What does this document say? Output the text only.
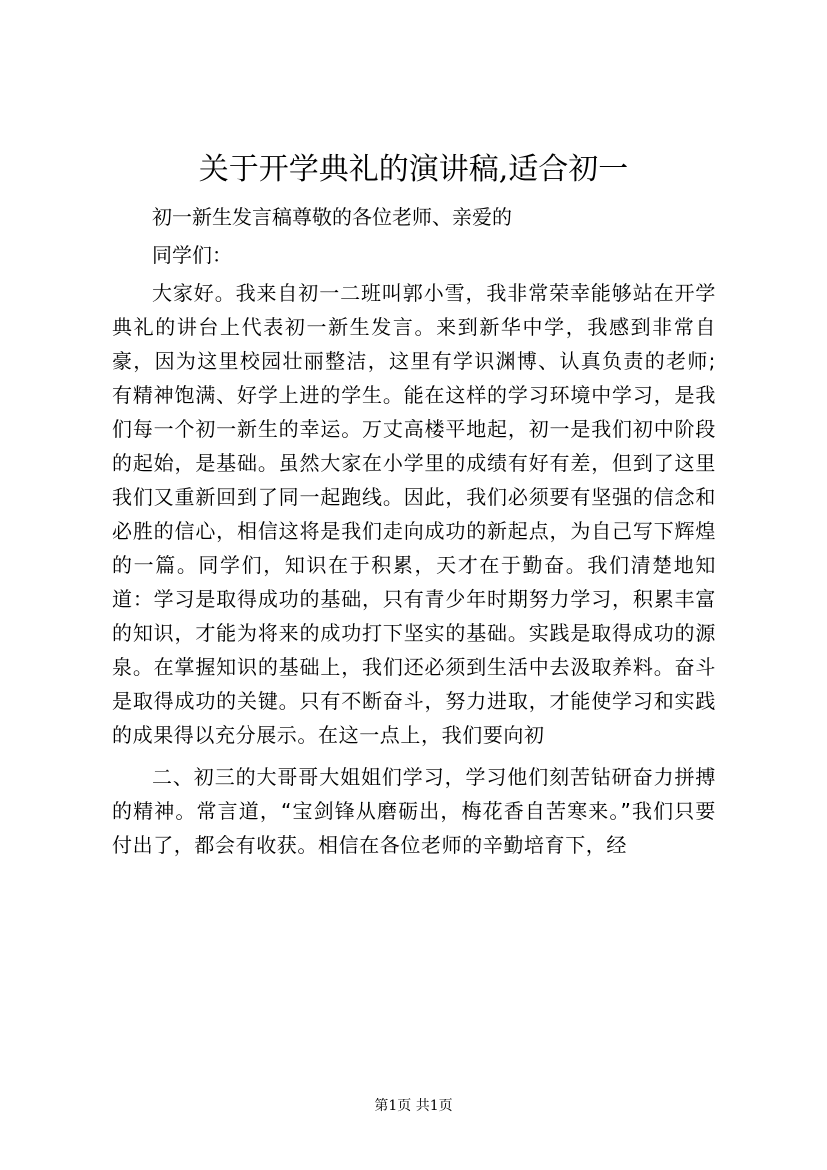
关于开学典礼的演讲稿,适合初一

初一新生发言稿尊敬的各位老师、亲爱的

同学们：

大家好。我来自初一二班叫郭小雪，我非常荣幸能够站在开学典礼的讲台上代表初一新生发言。来到新华中学，我感到非常自豪，因为这里校园壮丽整洁，这里有学识渊博、认真负责的老师;有精神饱满、好学上进的学生。能在这样的学习环境中学习，是我们每一个初一新生的幸运。万丈高楼平地起，初一是我们初中阶段的起始，是基础。虽然大家在小学里的成绩有好有差，但到了这里我们又重新回到了同一起跑线。因此，我们必须要有坚强的信念和必胜的信心，相信这将是我们走向成功的新起点，为自己写下辉煌的一篇。同学们，知识在于积累，天才在于勤奋。我们清楚地知道：学习是取得成功的基础，只有青少年时期努力学习，积累丰富的知识，才能为将来的成功打下坚实的基础。实践是取得成功的源泉。在掌握知识的基础上，我们还必须到生活中去汲取养料。奋斗是取得成功的关键。只有不断奋斗，努力进取，才能使学习和实践的成果得以充分展示。在这一点上，我们要向初

二、初三的大哥哥大姐姐们学习，学习他们刻苦钻研奋力拼搏的精神。常言道，“宝剑锋从磨砺出，梅花香自苦寒来。”我们只要付出了，都会有收获。相信在各位老师的辛勤培育下，经

第1页 共1页
